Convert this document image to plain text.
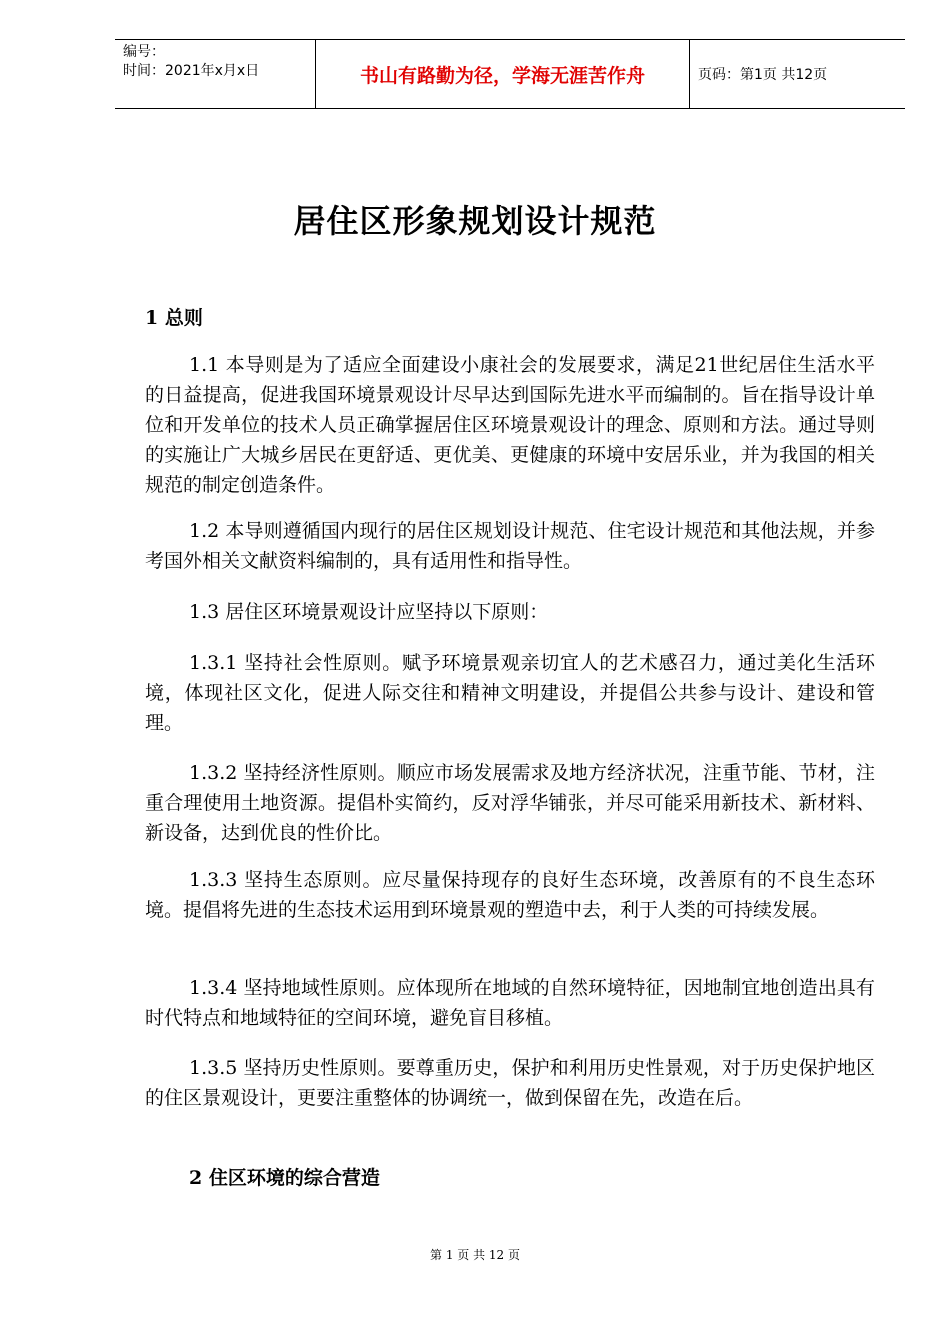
编号：
时间：2021年x月x日	书山有路勤为径，学海无涯苦作舟	页码：第1页 共12页
居住区形象规划设计规范
1 总则
1.1 本导则是为了适应全面建设小康社会的发展要求，满足21世纪居住生活水平的日益提高，促进我国环境景观设计尽早达到国际先进水平而编制的。旨在指导设计单位和开发单位的技术人员正确掌握居住区环境景观设计的理念、原则和方法。通过导则的实施让广大城乡居民在更舒适、更优美、更健康的环境中安居乐业，并为我国的相关规范的制定创造条件。
1.2 本导则遵循国内现行的居住区规划设计规范、住宅设计规范和其他法规，并参考国外相关文献资料编制的，具有适用性和指导性。
1.3 居住区环境景观设计应坚持以下原则：
1.3.1 坚持社会性原则。赋予环境景观亲切宜人的艺术感召力，通过美化生活环境，体现社区文化，促进人际交往和精神文明建设，并提倡公共参与设计、建设和管理。
1.3.2 坚持经济性原则。顺应市场发展需求及地方经济状况，注重节能、节材，注重合理使用土地资源。提倡朴实简约，反对浮华铺张，并尽可能采用新技术、新材料、新设备，达到优良的性价比。
1.3.3 坚持生态原则。应尽量保持现存的良好生态环境，改善原有的不良生态环境。提倡将先进的生态技术运用到环境景观的塑造中去，利于人类的可持续发展。
1.3.4 坚持地域性原则。应体现所在地域的自然环境特征，因地制宜地创造出具有时代特点和地域特征的空间环境，避免盲目移植。
1.3.5 坚持历史性原则。要尊重历史，保护和利用历史性景观，对于历史保护地区的住区景观设计，更要注重整体的协调统一，做到保留在先，改造在后。
2 住区环境的综合营造
第 1 页 共 12 页
